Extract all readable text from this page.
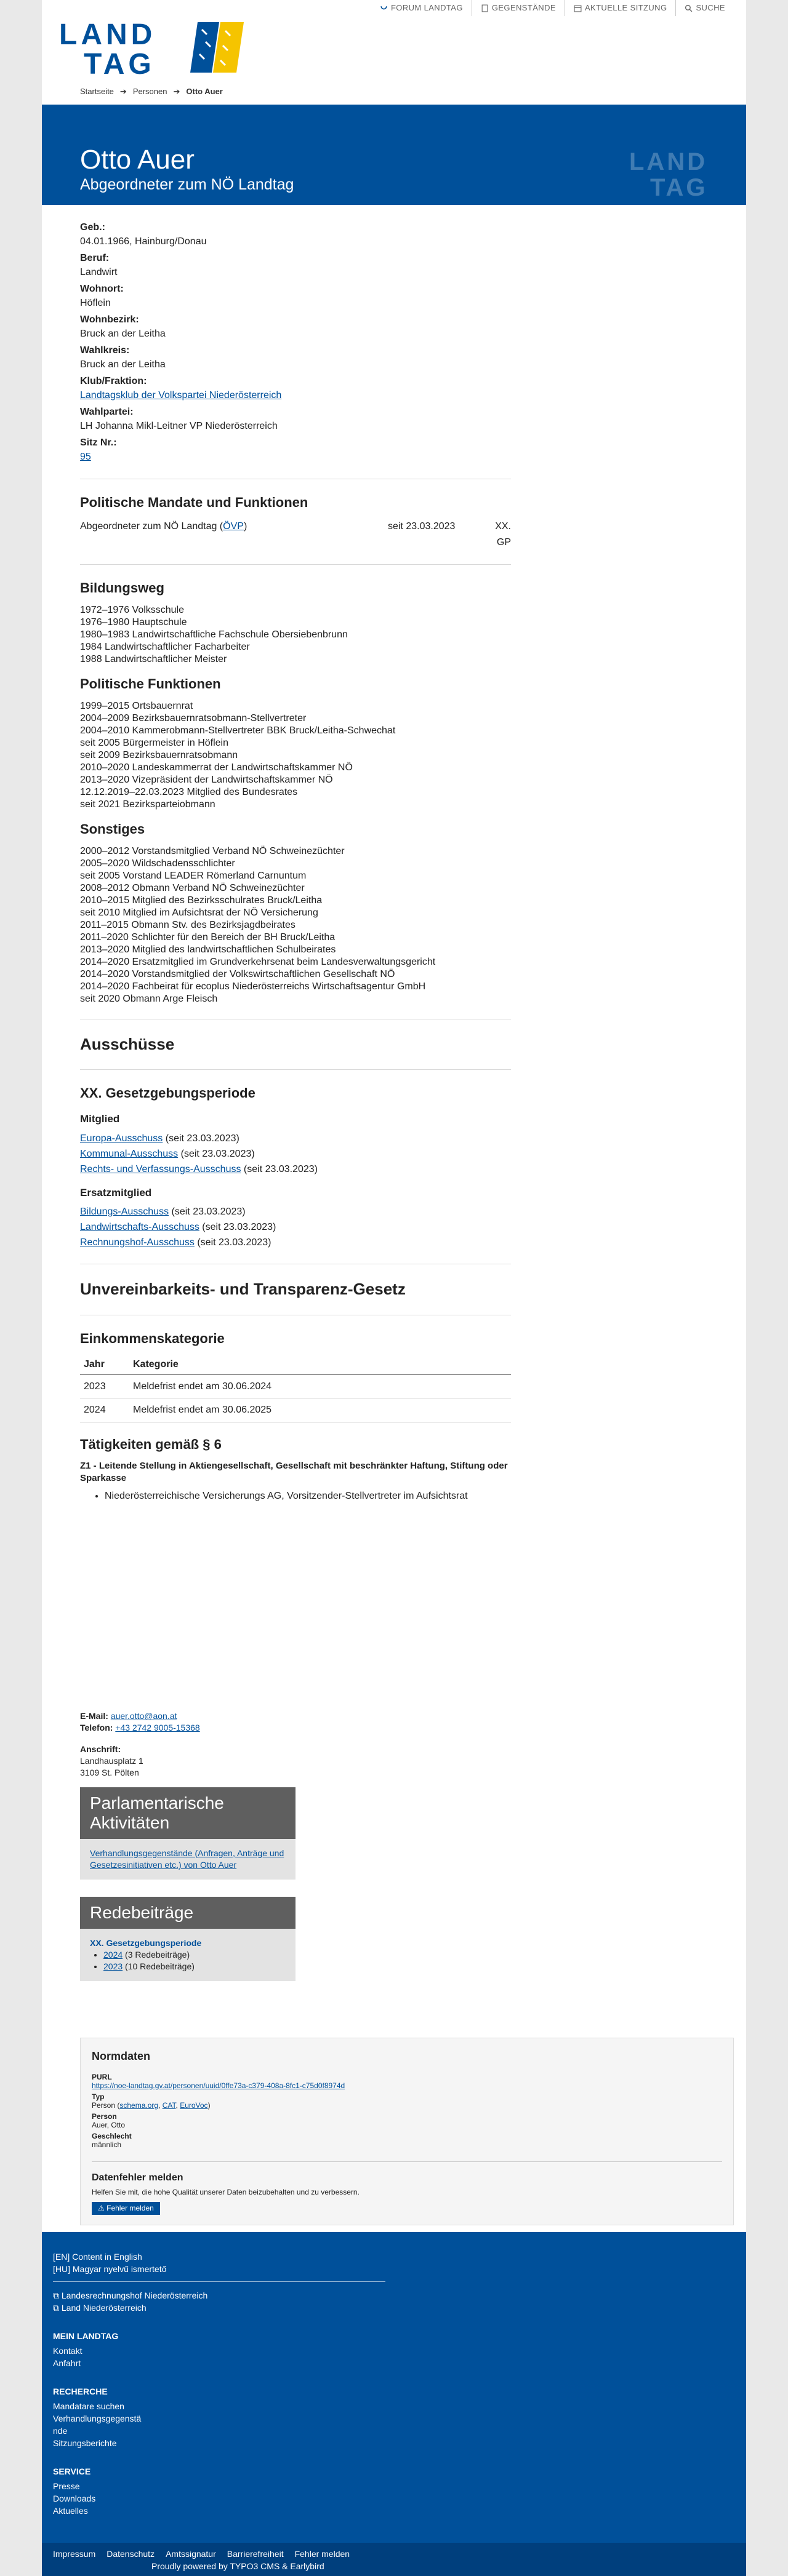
FORUM LANDTAG	GEGENSTÄNDE	AKTUELLE SITZUNG	SUCHE
LAND
TAG
Startseite ➔ Personen ➔ Otto Auer
Otto Auer
Abgeordneter zum NÖ Landtag
LAND
TAG
Geb.:
04.01.1966, Hainburg/Donau
Beruf:
Landwirt
Wohnort:
Höflein
Wohnbezirk:
Bruck an der Leitha
Wahlkreis:
Bruck an der Leitha
Klub/Fraktion:
Landtagsklub der Volkspartei Niederösterreich
Wahlpartei:
LH Johanna Mikl-Leitner VP Niederösterreich
Sitz Nr.:
95
Politische Mandate und Funktionen
Abgeordneter zum NÖ Landtag (ÖVP)	seit 23.03.2023	XX. GP
Bildungsweg
1972–1976 Volksschule
1976–1980 Hauptschule
1980–1983 Landwirtschaftliche Fachschule Obersiebenbrunn
1984 Landwirtschaftlicher Facharbeiter
1988 Landwirtschaftlicher Meister
Politische Funktionen
1999–2015 Ortsbauernrat
2004–2009 Bezirksbauernratsobmann-Stellvertreter
2004–2010 Kammerobmann-Stellvertreter BBK Bruck/Leitha-Schwechat
seit 2005 Bürgermeister in Höflein
seit 2009 Bezirksbauernratsobmann
2010–2020 Landeskammerrat der Landwirtschaftskammer NÖ
2013–2020 Vizepräsident der Landwirtschaftskammer NÖ
12.12.2019–22.03.2023 Mitglied des Bundesrates
seit 2021 Bezirksparteiobmann
Sonstiges
2000–2012 Vorstandsmitglied Verband NÖ Schweinezüchter
2005–2020 Wildschadensschlichter
seit 2005 Vorstand LEADER Römerland Carnuntum
2008–2012 Obmann Verband NÖ Schweinezüchter
2010–2015 Mitglied des Bezirksschulrates Bruck/Leitha
seit 2010 Mitglied im Aufsichtsrat der NÖ Versicherung
2011–2015 Obmann Stv. des Bezirksjagdbeirates
2011–2020 Schlichter für den Bereich der BH Bruck/Leitha
2013–2020 Mitglied des landwirtschaftlichen Schulbeirates
2014–2020 Ersatzmitglied im Grundverkehrsenat beim Landesverwaltungsgericht
2014–2020 Vorstandsmitglied der Volkswirtschaftlichen Gesellschaft NÖ
2014–2020 Fachbeirat für ecoplus Niederösterreichs Wirtschaftsagentur GmbH
seit 2020 Obmann Arge Fleisch
Ausschüsse
XX. Gesetzgebungsperiode
Mitglied
Europa-Ausschuss (seit 23.03.2023)
Kommunal-Ausschuss (seit 23.03.2023)
Rechts- und Verfassungs-Ausschuss (seit 23.03.2023)
Ersatzmitglied
Bildungs-Ausschuss (seit 23.03.2023)
Landwirtschafts-Ausschuss (seit 23.03.2023)
Rechnungshof-Ausschuss (seit 23.03.2023)
Unvereinbarkeits- und Transparenz-Gesetz
Einkommenskategorie
Jahr	Kategorie
2023	Meldefrist endet am 30.06.2024
2024	Meldefrist endet am 30.06.2025
Tätigkeiten gemäß § 6
Z1 - Leitende Stellung in Aktiengesellschaft, Gesellschaft mit beschränkter Haftung, Stiftung oder Sparkasse
• Niederösterreichische Versicherungs AG, Vorsitzender-Stellvertreter im Aufsichtsrat
E-Mail: auer.otto@aon.at
Telefon: +43 2742 9005-15368
Anschrift:
Landhausplatz 1
3109 St. Pölten
Parlamentarische Aktivitäten
Verhandlungsgegenstände (Anfragen, Anträge und Gesetzesinitiativen etc.) von Otto Auer
Redebeiträge
XX. Gesetzgebungsperiode
• 2024 (3 Redebeiträge)
• 2023 (10 Redebeiträge)
Normdaten
PURL
https://noe-landtag.gv.at/personen/uuid/0ffe73a-c379-408a-8fc1-c75d0f8974d
Typ
Person (schema.org, CAT, EuroVoc)
Person
Auer, Otto
Geschlecht
männlich
Datenfehler melden
Helfen Sie mit, die hohe Qualität unserer Daten beizubehalten und zu verbessern.
⚠ Fehler melden
[EN] Content in English
[HU] Magyar nyelvű ismertető
⧉ Landesrechnungshof Niederösterreich
⧉ Land Niederösterreich
MEIN LANDTAG
Kontakt
Anfahrt
RECHERCHE
Mandatare suchen
Verhandlungsgegenstä nde
Sitzungsberichte
SERVICE
Presse
Downloads
Aktuelles
Impressum Datenschutz Amtssignatur Barrierefreiheit Fehler melden
Proudly powered by TYPO3 CMS & Earlybird
